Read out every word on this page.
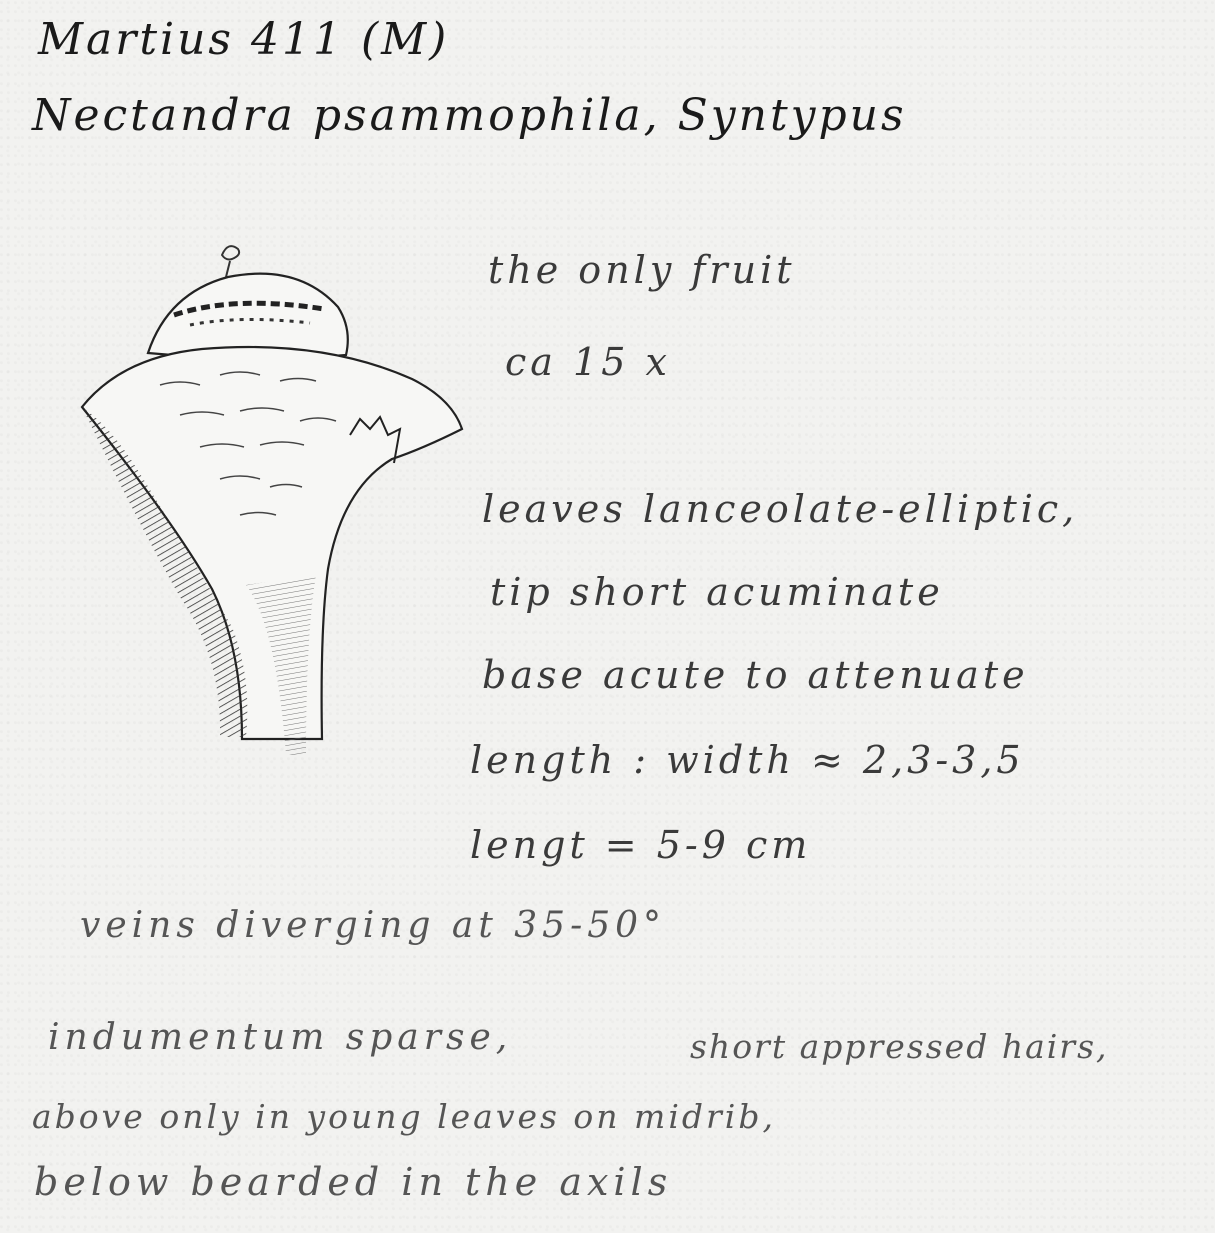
Martius 411 (M)
Nectandra psammophila, Syntypus
the only fruit
ca 15 x
leaves lanceolate-elliptic,
tip short acuminate
base acute to attenuate
length : width ≈ 2,3-3,5
lengt = 5-9 cm
veins diverging at 35-50°
indumentum sparse,	short appressed hairs,
above only in young leaves on midrib,
below bearded in the axils
